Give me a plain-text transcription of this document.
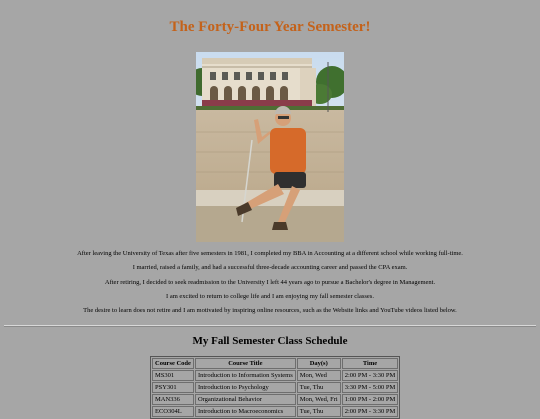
The Forty-Four Year Semester!

After leaving the University of Texas after five semesters in 1981, I completed my BBA in Accounting at a different school while working full-time.

I married, raised a family, and had a successful three-decade accounting career and passed the CPA exam.

After retiring, I decided to seek readmission to the University I left 44 years ago to pursue a Bachelor's degree in Management.

I am excited to return to college life and I am enjoying my fall semester classes.

The desire to learn does not retire and I am motivated by inspiring online resources, such as the Website links and YouTube videos listed below.

My Fall Semester Class Schedule
Course Code	Course Title	Day(s)	Time
MS301	Introduction to Information Systems	Mon, Wed	2:00 PM - 3:30 PM
PSY301	Introduction to Psychology	Tue, Thu	3:30 PM - 5:00 PM
MAN336	Organizational Behavior	Mon, Wed, Fri	1:00 PM - 2:00 PM
ECO304L	Introduction to Macroeconomics	Tue, Thu	2:00 PM - 3:30 PM
